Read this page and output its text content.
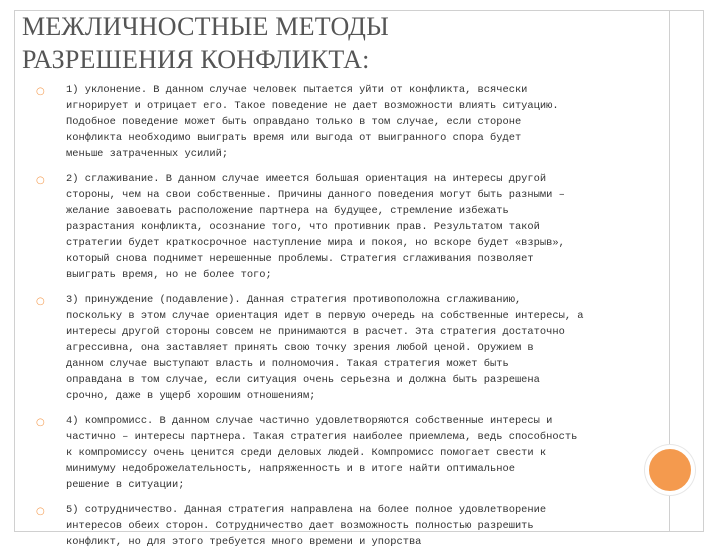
МЕЖЛИЧНОСТНЫЕ МЕТОДЫ
РАЗРЕШЕНИЯ КОНФЛИКТА:
○ 1) уклонение. В данном случае человек пытается уйти от конфликта, всячески
игнорирует и отрицает его. Такое поведение не дает возможности влиять ситуацию.
Подобное поведение может быть оправдано только в том случае, если стороне
конфликта необходимо выиграть время или выгода от выигранного спора будет
меньше затраченных усилий;
○ 2) сглаживание. В данном случае имеется большая ориентация на интересы другой
стороны, чем на свои собственные. Причины данного поведения могут быть разными –
желание завоевать расположение партнера на будущее, стремление избежать
разрастания конфликта, осознание того, что противник прав. Результатом такой
стратегии будет краткосрочное наступление мира и покоя, но вскоре будет «взрыв»,
который снова поднимет нерешенные проблемы. Стратегия сглаживания позволяет
выиграть время, но не более того;
○ 3) принуждение (подавление). Данная стратегия противоположна сглаживанию,
поскольку в этом случае ориентация идет в первую очередь на собственные интересы, а
интересы другой стороны совсем не принимаются в расчет. Эта стратегия достаточно
агрессивна, она заставляет принять свою точку зрения любой ценой. Оружием в
данном случае выступают власть и полномочия. Такая стратегия может быть
оправдана в том случае, если ситуация очень серьезна и должна быть разрешена
срочно, даже в ущерб хорошим отношениям;
○ 4) компромисс. В данном случае частично удовлетворяются собственные интересы и
частично – интересы партнера. Такая стратегия наиболее приемлема, ведь способность
к компромиссу очень ценится среди деловых людей. Компромисс помогает свести к
минимуму недоброжелательность, напряженность и в итоге найти оптимальное
решение в ситуации;
○ 5) сотрудничество. Данная стратегия направлена на более полное удовлетворение
интересов обеих сторон. Сотрудничество дает возможность полностью разрешить
конфликт, но для этого требуется много времени и упорства
